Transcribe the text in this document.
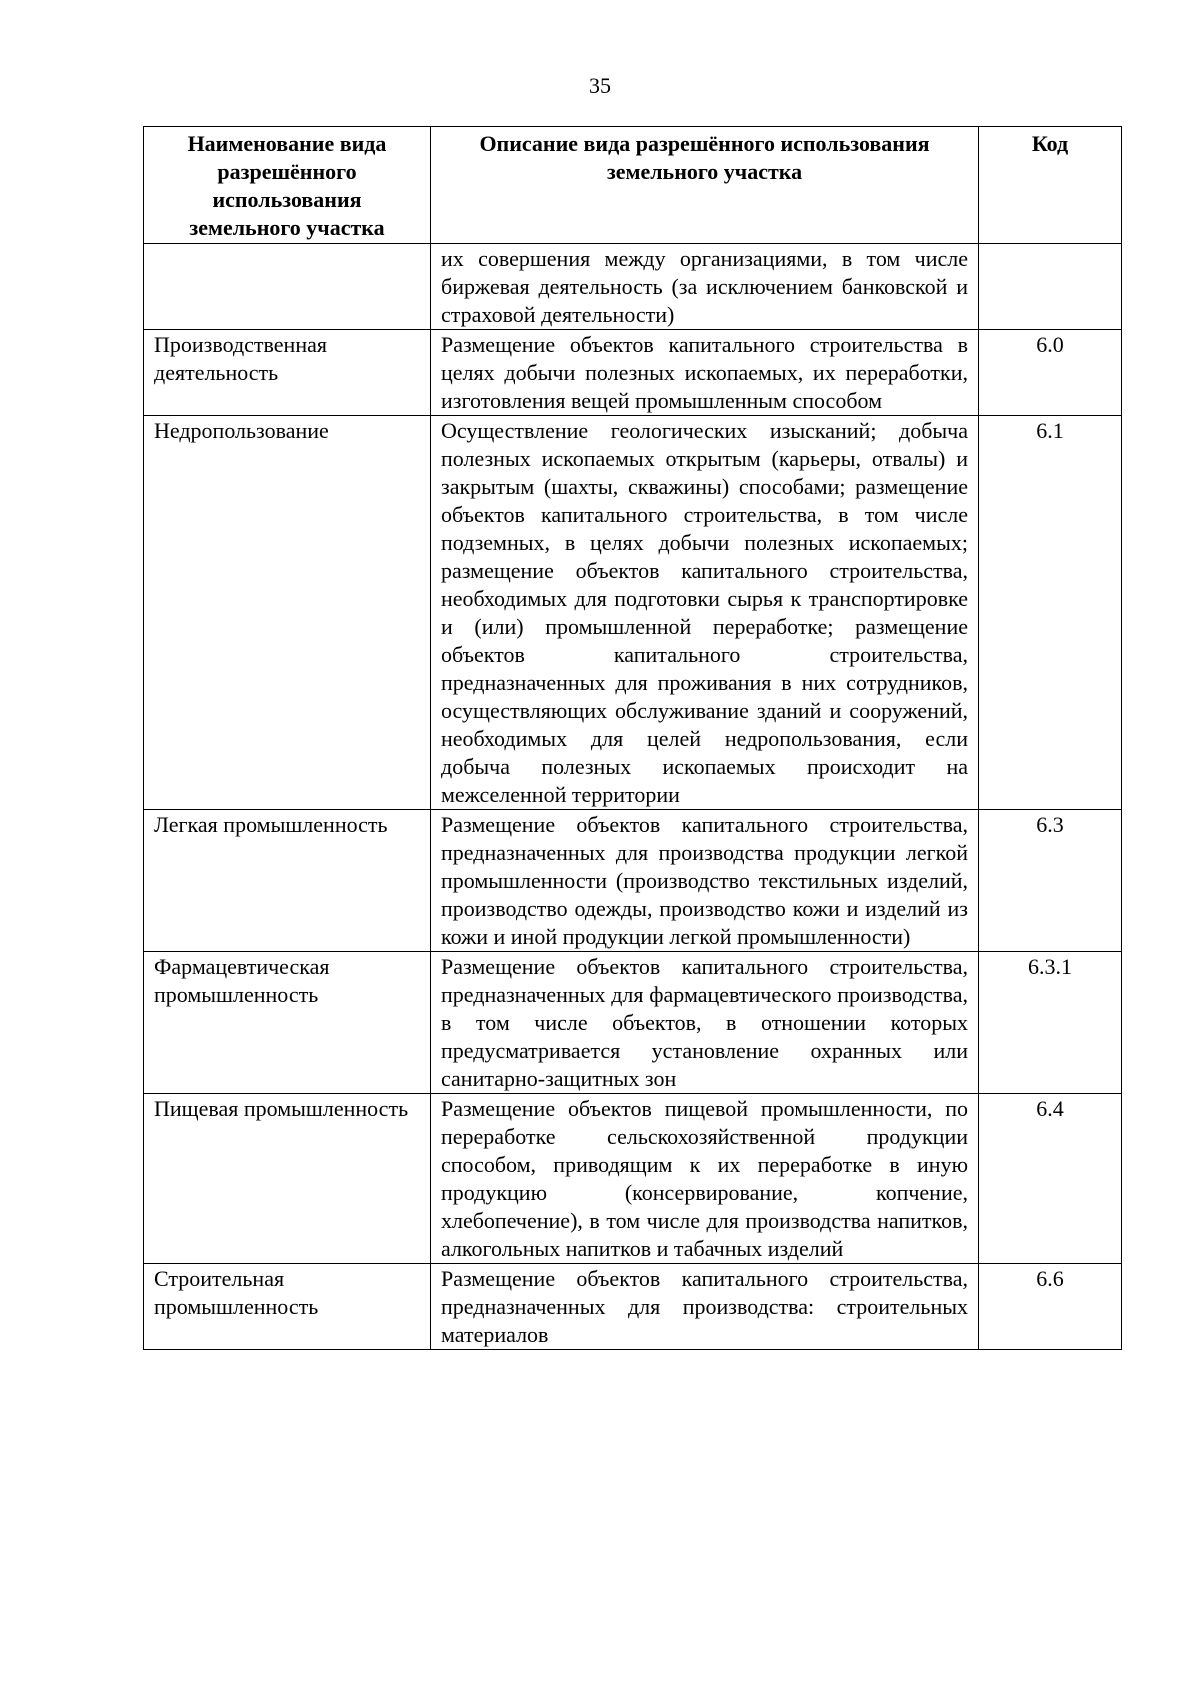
35
Наименование вида разрешённого использования земельного участка	Описание вида разрешённого использования земельного участка	Код
	их совершения между организациями, в том числе биржевая деятельность (за исключением банковской и страховой деятельности)	
Производственная деятельность	Размещение объектов капитального строительства в целях добычи полезных ископаемых, их переработки, изготовления вещей промышленным способом	6.0
Недропользование	Осуществление геологических изысканий; добыча полезных ископаемых открытым (карьеры, отвалы) и закрытым (шахты, скважины) способами; размещение объектов капитального строительства, в том числе подземных, в целях добычи полезных ископаемых; размещение объектов капитального строительства, необходимых для подготовки сырья к транспортировке и (или) промышленной переработке; размещение объектов капитального строительства, предназначенных для проживания в них сотрудников, осуществляющих обслуживание зданий и сооружений, необходимых для целей недропользования, если добыча полезных ископаемых происходит на межселенной территории	6.1
Легкая промышленность	Размещение объектов капитального строительства, предназначенных для производства продукции легкой промышленности (производство текстильных изделий, производство одежды, производство кожи и изделий из кожи и иной продукции легкой промышленности)	6.3
Фармацевтическая промышленность	Размещение объектов капитального строительства, предназначенных для фармацевтического производства, в том числе объектов, в отношении которых предусматривается установление охранных или санитарно-защитных зон	6.3.1
Пищевая промышленность	Размещение объектов пищевой промышленности, по переработке сельскохозяйственной продукции способом, приводящим к их переработке в иную продукцию (консервирование, копчение, хлебопечение), в том числе для производства напитков, алкогольных напитков и табачных изделий	6.4
Строительная промышленность	Размещение объектов капитального строительства, предназначенных для производства: строительных материалов	6.6
